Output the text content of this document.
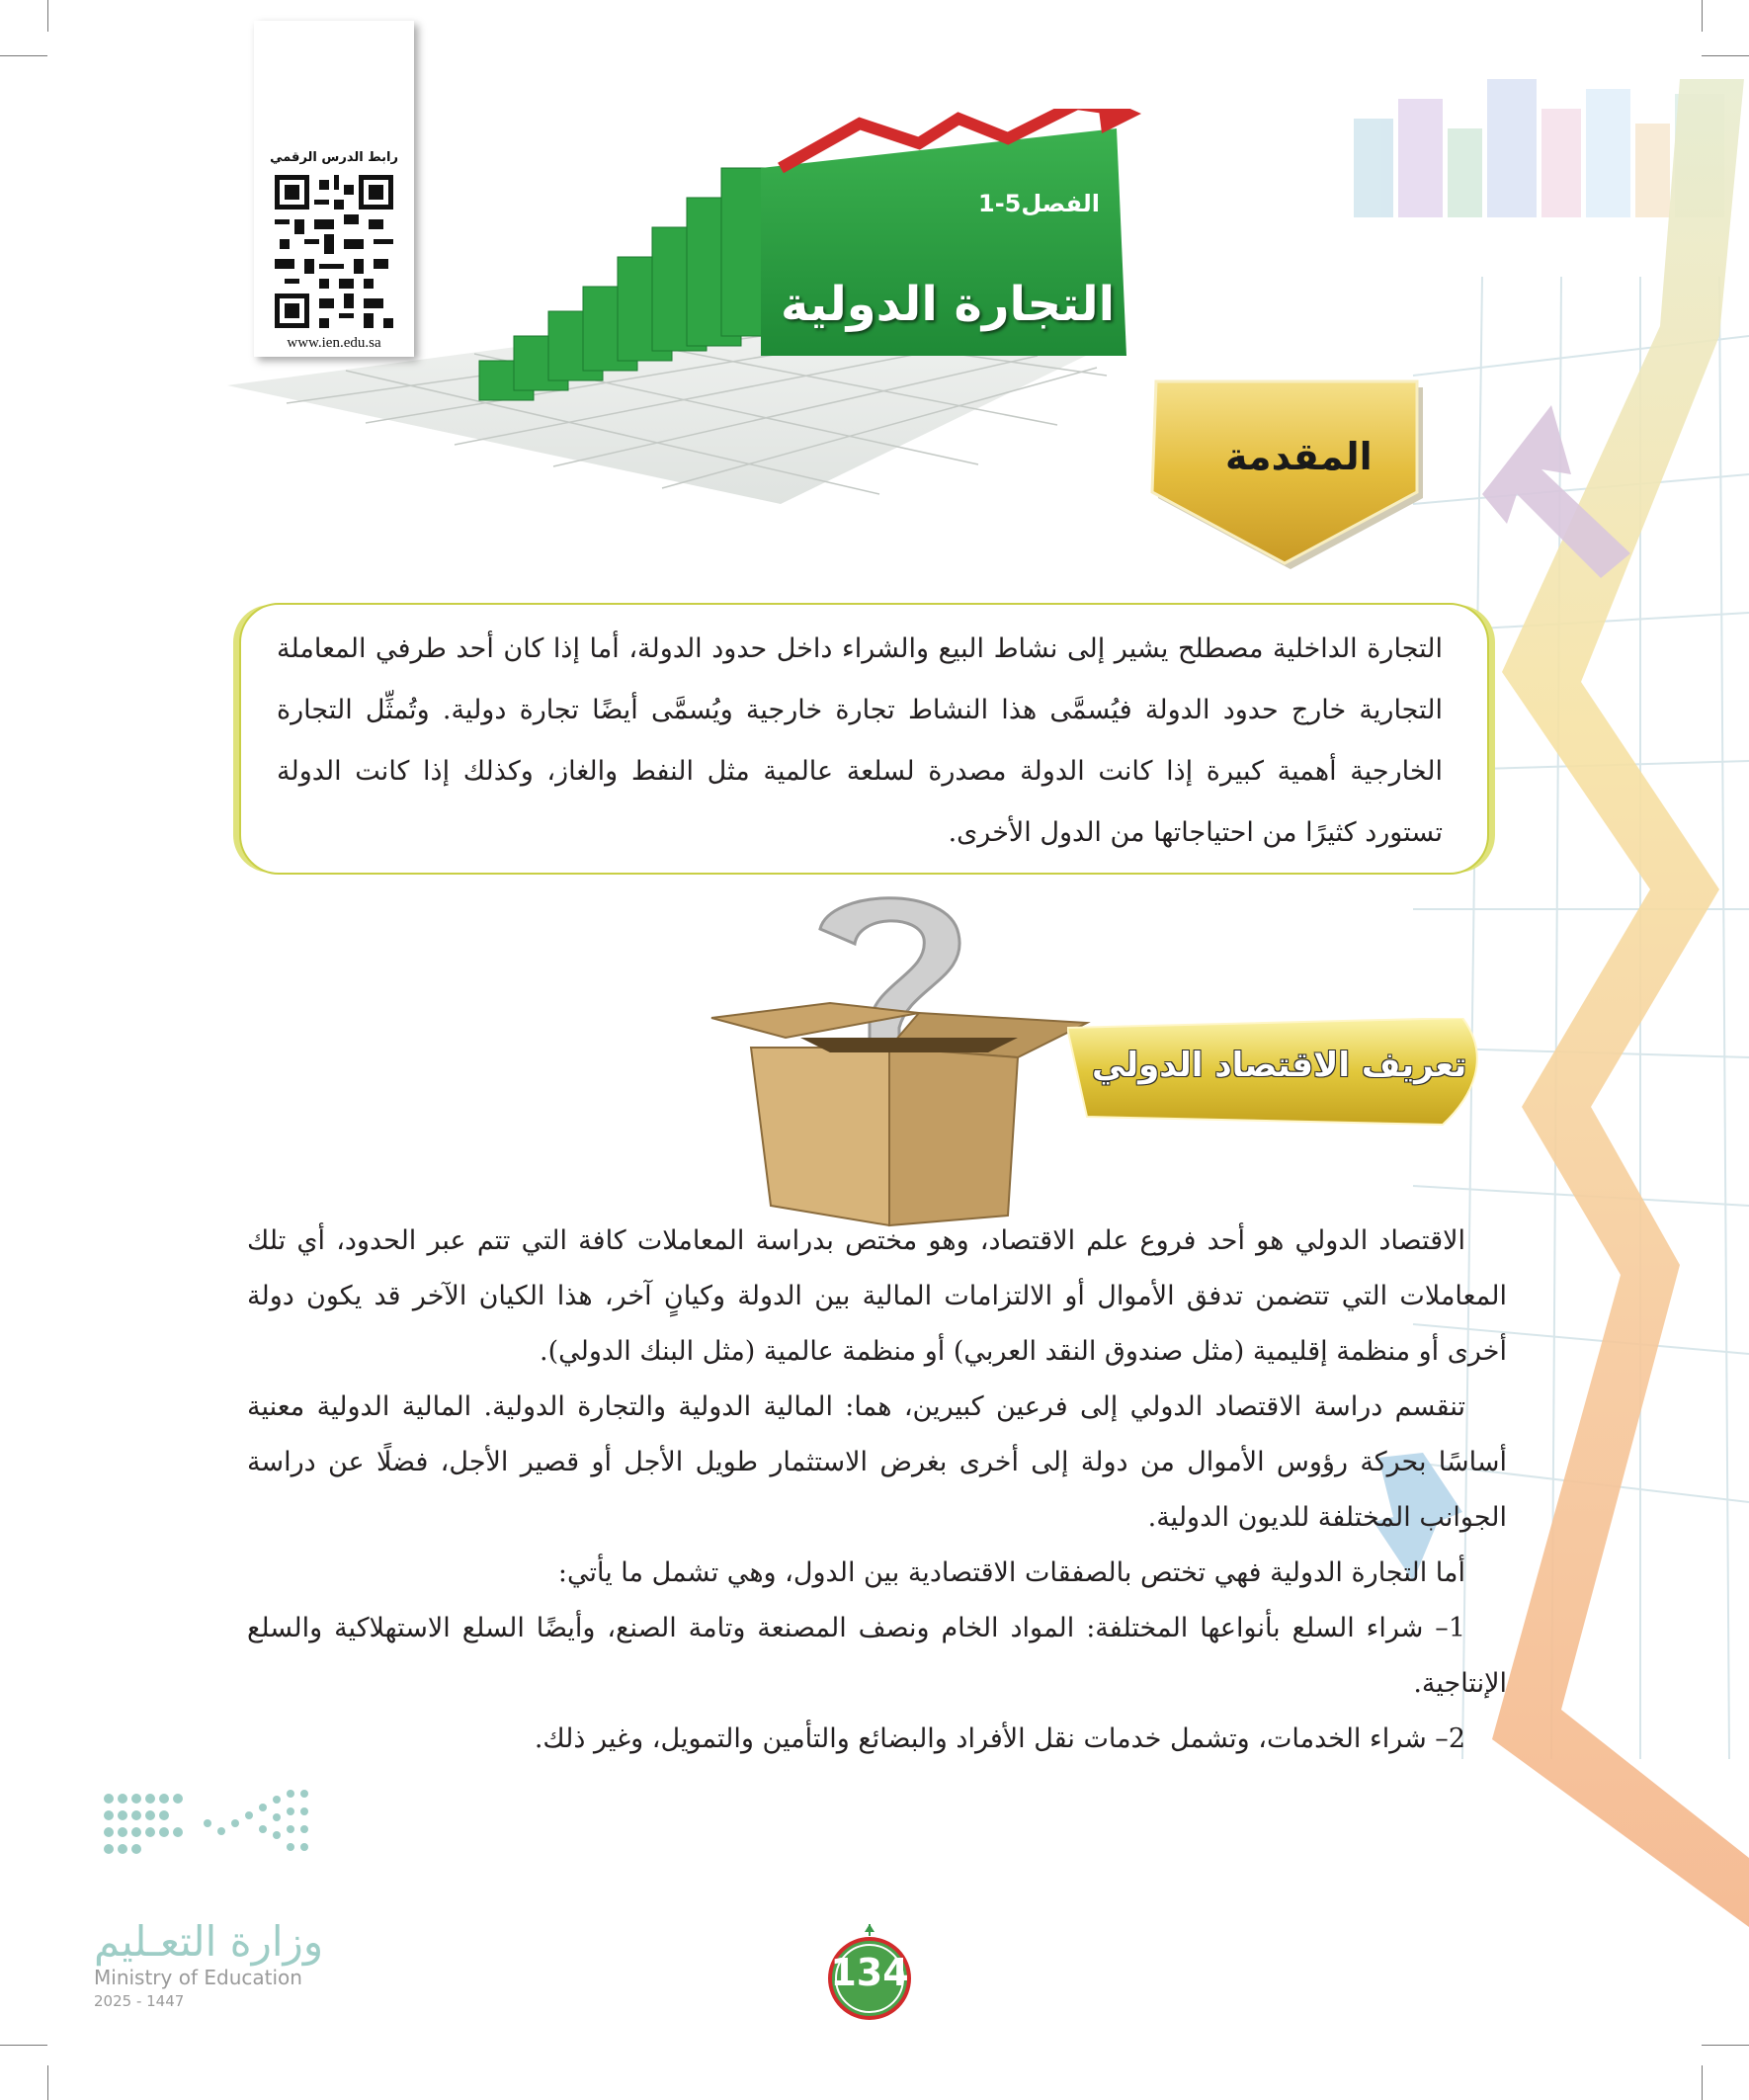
رابط الدرس الرقمي
www.ien.edu.sa
الفصل5-1
التجارة الدولية
المقدمة
التجارة الداخلية مصطلح يشير إلى نشاط البيع والشراء داخل حدود الدولة، أما إذا كان أحد طرفي المعاملة التجارية خارج حدود الدولة فيُسمَّى هذا النشاط تجارة خارجية ويُسمَّى أيضًا تجارة دولية. وتُمثِّل التجارة الخارجية أهمية كبيرة إذا كانت الدولة مصدرة لسلعة عالمية مثل النفط والغاز، وكذلك إذا كانت الدولة تستورد كثيرًا من احتياجاتها من الدول الأخرى.
تعريف الاقتصاد الدولي

الاقتصاد الدولي هو أحد فروع علم الاقتصاد، وهو مختص بدراسة المعاملات كافة التي تتم عبر الحدود، أي تلك المعاملات التي تتضمن تدفق الأموال أو الالتزامات المالية بين الدولة وكيانٍ آخر، هذا الكيان الآخر قد يكون دولة أخرى أو منظمة إقليمية (مثل صندوق النقد العربي) أو منظمة عالمية (مثل البنك الدولي).

تنقسم دراسة الاقتصاد الدولي إلى فرعين كبيرين، هما: المالية الدولية والتجارة الدولية. المالية الدولية معنية أساسًا بحركة رؤوس الأموال من دولة إلى أخرى بغرض الاستثمار طويل الأجل أو قصير الأجل، فضلًا عن دراسة الجوانب المختلفة للديون الدولية.

أما التجارة الدولية فهي تختص بالصفقات الاقتصادية بين الدول، وهي تشمل ما يأتي:

1– شراء السلع بأنواعها المختلفة: المواد الخام ونصف المصنعة وتامة الصنع، وأيضًا السلع الاستهلاكية والسلع الإنتاجية.

2– شراء الخدمات، وتشمل خدمات نقل الأفراد والبضائع والتأمين والتمويل، وغير ذلك.

وزارة التعـليم
Ministry of Education
2025 - 1447
134
